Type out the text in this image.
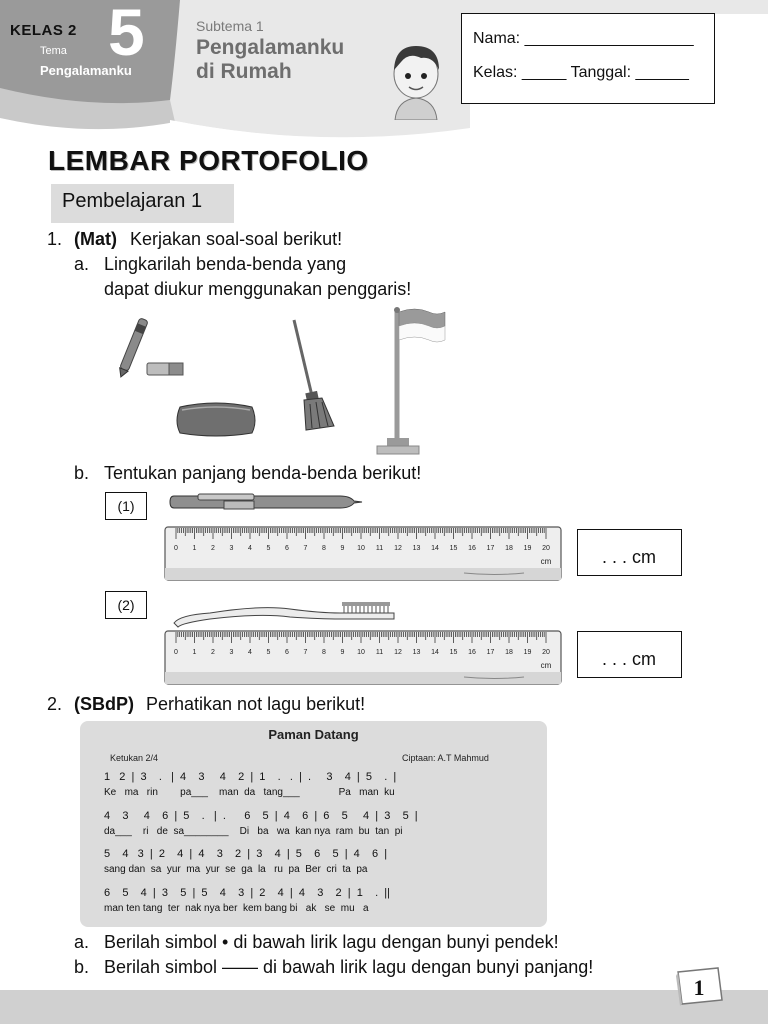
KELAS 2 5
Tema
Pengalamanku
Subtema 1
Pengalamanku
di Rumah
Nama: ___________________
Kelas: _____ Tanggal: ______
LEMBAR PORTOFOLIO
Pembelajaran 1
1. (Mat) Kerjakan soal-soal berikut!
a. Lingkarilah benda-benda yang
dapat diukur menggunakan penggaris!
b. Tentukan panjang benda-benda berikut!
(1)
0 1 2 3 4 5 6 7 8 9 10 11 12 13 14 15 16 17 18 19 20
cm	. . . cm
(2)
0 1 2 3 4 5 6 7 8 9 10 11 12 13 14 15 16 17 18 19 20
cm	. . . cm
2. (SBdP) Perhatikan not lagu berikut!
Paman Datang
Ketukan 2/4	Ciptaan: A.T Mahmud
1   2  |  3    .   |  4    3     4    2  |  1    .   .  |  .     3    4  |  5    .  |
Ke   ma   rin        pa___    man  da   tang___              Pa   man  ku
4    3     4    6  |  5    .   |  .      6    5  |  4    6  |  6    5     4  |  3    5  |
da___    ri   de  sa________    Di   ba   wa  kan nya  ram  bu  tan  pi
5    4   3  |  2    4  |  4    3    2  |  3    4  |  5    6    5  |  4    6  |
sang dan  sa  yur  ma  yur  se  ga  la   ru  pa  Ber  cri  ta  pa
6    5    4  |  3    5  |  5    4    3  |  2    4  |  4    3    2  |  1    .  ||
man ten tang  ter  nak nya ber  kem bang bi   ak   se  mu   a
a. Berilah simbol • di bawah lirik lagu dengan bunyi pendek!
b. Berilah simbol —— di bawah lirik lagu dengan bunyi panjang!
1
